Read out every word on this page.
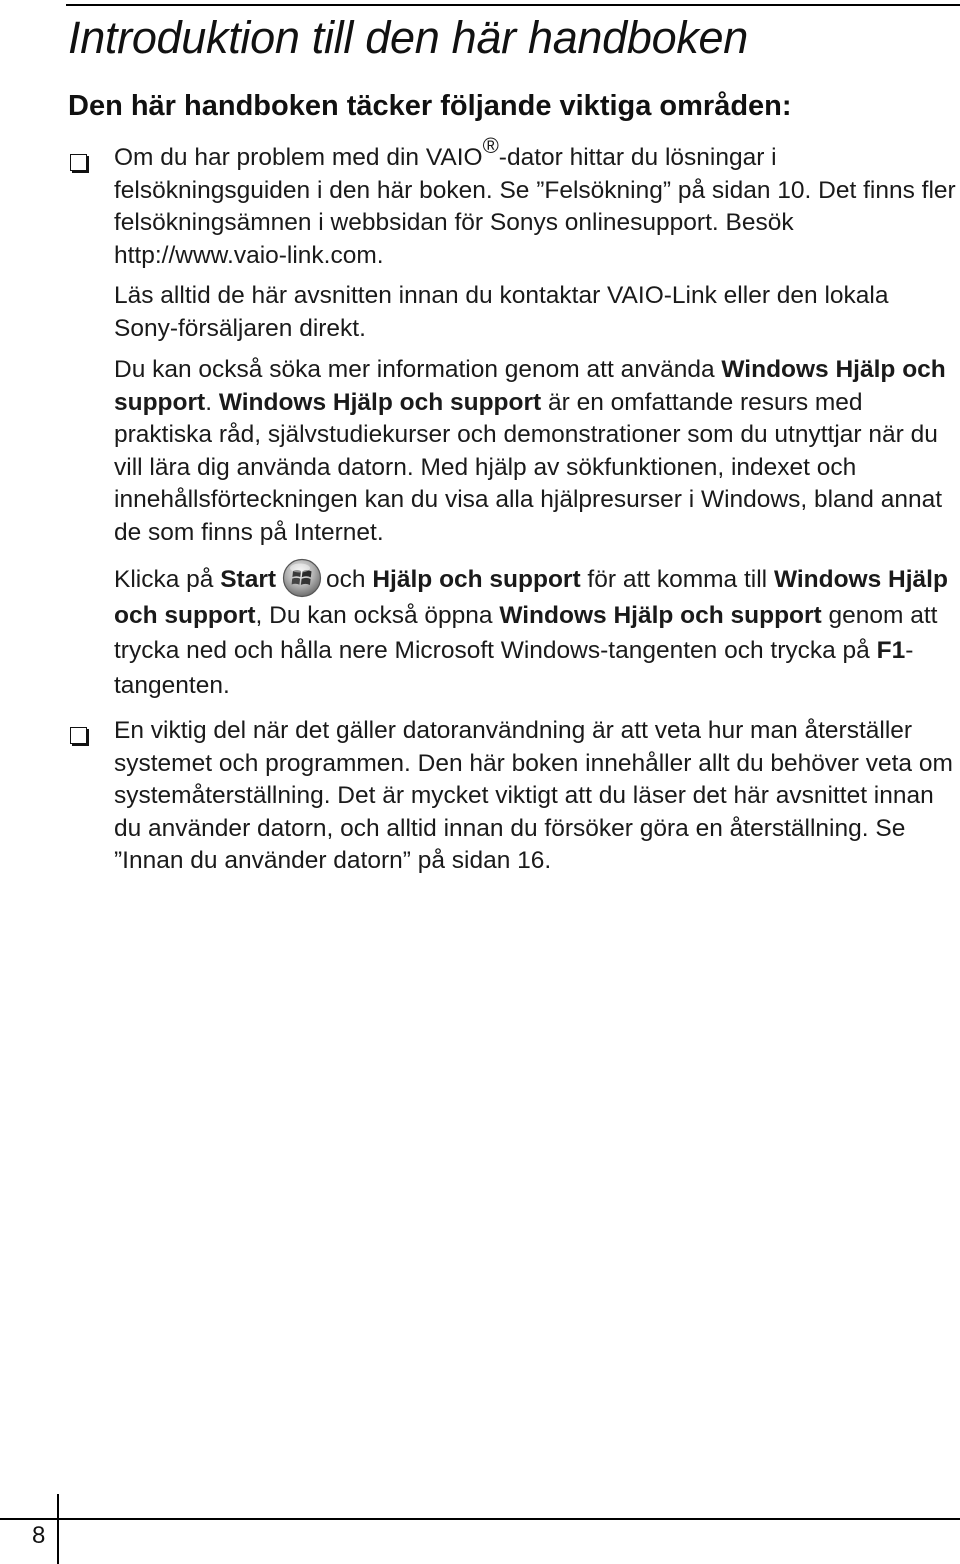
Introduktion till den här handboken
Den här handboken täcker följande viktiga områden:

Om du har problem med din VAIO®-dator hittar du lösningar i felsökningsguiden i den här boken. Se ”Felsökning” på sidan 10. Det finns fler felsökningsämnen i webbsidan för Sonys onlinesupport. Besök http://www.vaio-link.com.

Läs alltid de här avsnitten innan du kontaktar VAIO-Link eller den lokala Sony-försäljaren direkt.

Du kan också söka mer information genom att använda Windows Hjälp och support. Windows Hjälp och support är en omfattande resurs med praktiska råd, självstudiekurser och demonstrationer som du utnyttjar när du vill lära dig använda datorn. Med hjälp av sökfunktionen, indexet och innehållsförteckningen kan du visa alla hjälpresurser i Windows, bland annat de som finns på Internet.

Klicka på Start och Hjälp och support för att komma till Windows Hjälp och support, Du kan också öppna Windows Hjälp och support genom att trycka ned och hålla nere Microsoft Windows-tangenten och trycka på F1-tangenten.

En viktig del när det gäller datoranvändning är att veta hur man återställer systemet och programmen. Den här boken innehåller allt du behöver veta om systemåterställning. Det är mycket viktigt att du läser det här avsnittet innan du använder datorn, och alltid innan du försöker göra en återställning. Se ”Innan du använder datorn” på sidan 16.

8
